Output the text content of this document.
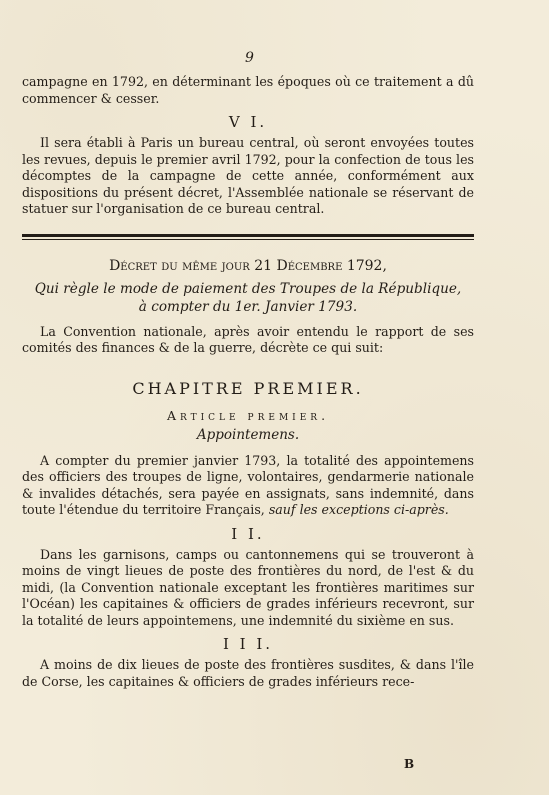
9

campagne en 1792, en déterminant les époques où ce traitement a dû commencer & cesser.

V I.

Il sera établi à Paris un bureau central, où seront envoyées toutes les revues, depuis le premier avril 1792, pour la confection de tous les décomptes de la campagne de cette année, conformément aux dispositions du présent décret, l'Assemblée nationale se réservant de statuer sur l'organisation de ce bureau central.

Décret du même jour 21 Décembre 1792,
Qui règle le mode de paiement des Troupes de la République,
à compter du 1er. Janvier 1793.

La Convention nationale, après avoir entendu le rapport de ses comités des finances & de la guerre, décrète ce qui suit:

CHAPITRE PREMIER.
Article premier.
Appointemens.

A compter du premier janvier 1793, la totalité des appointemens des officiers des troupes de ligne, volontaires, gendarmerie nationale & invalides détachés, sera payée en assignats, sans indemnité, dans toute l'étendue du territoire Français, sauf les exceptions ci-après.

I I.

Dans les garnisons, camps ou cantonnemens qui se trouveront à moins de vingt lieues de poste des frontières du nord, de l'est & du midi, (la Convention nationale exceptant les frontières maritimes sur l'Océan) les capitaines & officiers de grades inférieurs recevront, sur la totalité de leurs appointemens, une indemnité du sixième en sus.

I I I.

A moins de dix lieues de poste des frontières susdites, & dans l'île de Corse, les capitaines & officiers de grades inférieurs rece-

B
